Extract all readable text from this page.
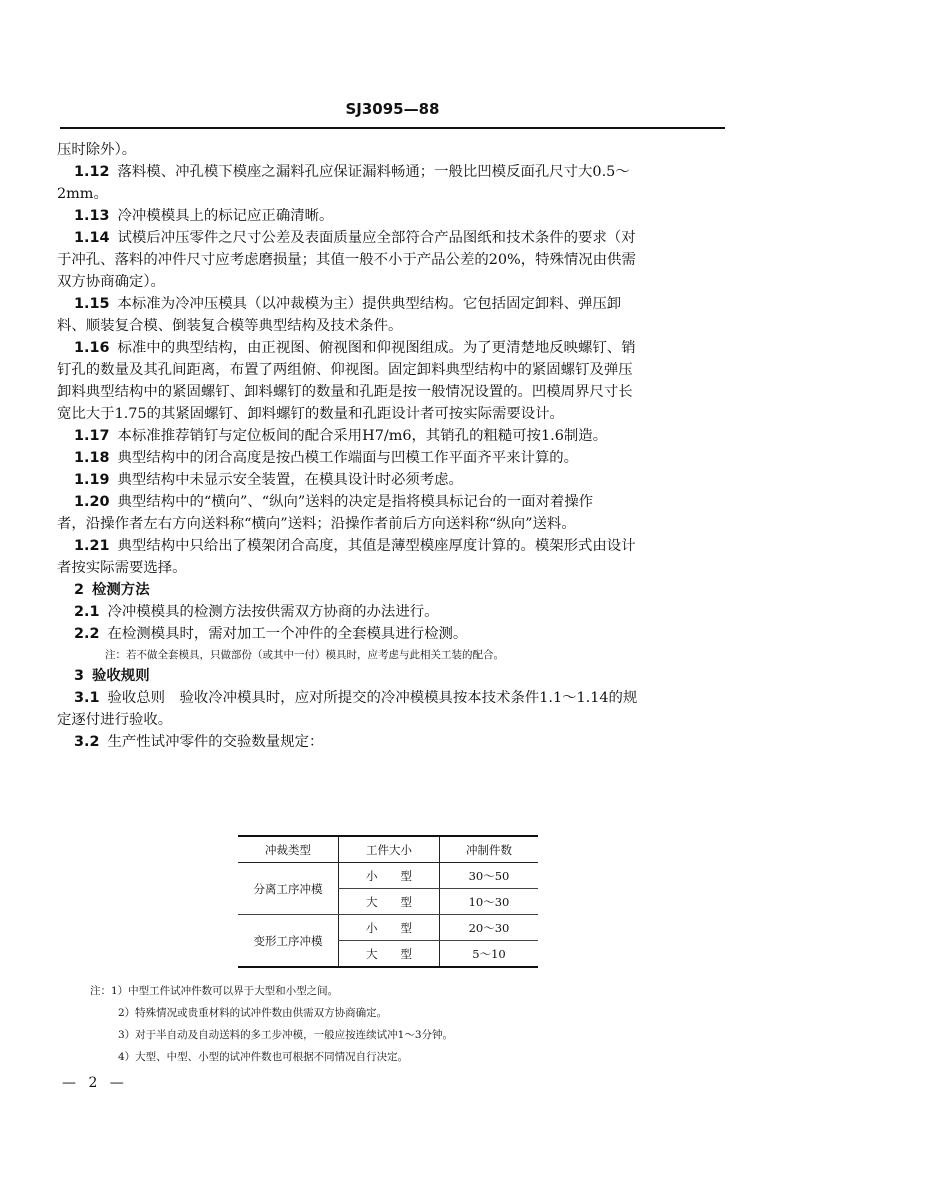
SJ3095—88
压时除外）。
1.12 落料模、冲孔模下模座之漏料孔应保证漏料畅通；一般比凹模反面孔尺寸大0.5～
2mm。
1.13 冷冲模模具上的标记应正确清晰。
1.14 试模后冲压零件之尺寸公差及表面质量应全部符合产品图纸和技术条件的要求（对
于冲孔、落料的冲件尺寸应考虑磨损量；其值一般不小于产品公差的20%，特殊情况由供需
双方协商确定）。
1.15 本标准为冷冲压模具（以冲裁模为主）提供典型结构。它包括固定卸料、弹压卸
料、顺装复合模、倒装复合模等典型结构及技术条件。
1.16 标准中的典型结构，由正视图、俯视图和仰视图组成。为了更清楚地反映螺钉、销
钉孔的数量及其孔间距离，布置了两组俯、仰视图。固定卸料典型结构中的紧固螺钉及弹压
卸料典型结构中的紧固螺钉、卸料螺钉的数量和孔距是按一般情况设置的。凹模周界尺寸长
宽比大于1.75的其紧固螺钉、卸料螺钉的数量和孔距设计者可按实际需要设计。
1.17 本标准推荐销钉与定位板间的配合采用H7/m6，其销孔的粗糙可按1.6制造。
1.18 典型结构中的闭合高度是按凸模工作端面与凹模工作平面齐平来计算的。
1.19 典型结构中未显示安全装置，在模具设计时必须考虑。
1.20 典型结构中的“横向”、“纵向”送料的决定是指将模具标记台的一面对着操作
者，沿操作者左右方向送料称“横向”送料；沿操作者前后方向送料称“纵向”送料。
1.21 典型结构中只给出了模架闭合高度，其值是薄型模座厚度计算的。模架形式由设计
者按实际需要选择。
2 检测方法
2.1 冷冲模模具的检测方法按供需双方协商的办法进行。
2.2 在检测模具时，需对加工一个冲件的全套模具进行检测。
注：若不做全套模具，只做部份（或其中一付）模具时，应考虑与此相关工装的配合。
3 验收规则
3.1 验收总则　验收冷冲模具时，应对所提交的冷冲模模具按本技术条件1.1～1.14的规
定逐付进行验收。
3.2 生产性试冲零件的交验数量规定：
冲裁类型	工件大小	冲制件数
分离工序冲模	小　　型	30～50
	大　　型	10～30
变形工序冲模	小　　型	20～30
	大　　型	5～10
注：1）中型工件试冲件数可以界于大型和小型之间。
2）特殊情况或贵重材料的试冲件数由供需双方协商确定。
3）对于半自动及自动送料的多工步冲模，一般应按连续试冲1～3分钟。
4）大型、中型、小型的试冲件数也可根据不同情况自行决定。
— 2 —
